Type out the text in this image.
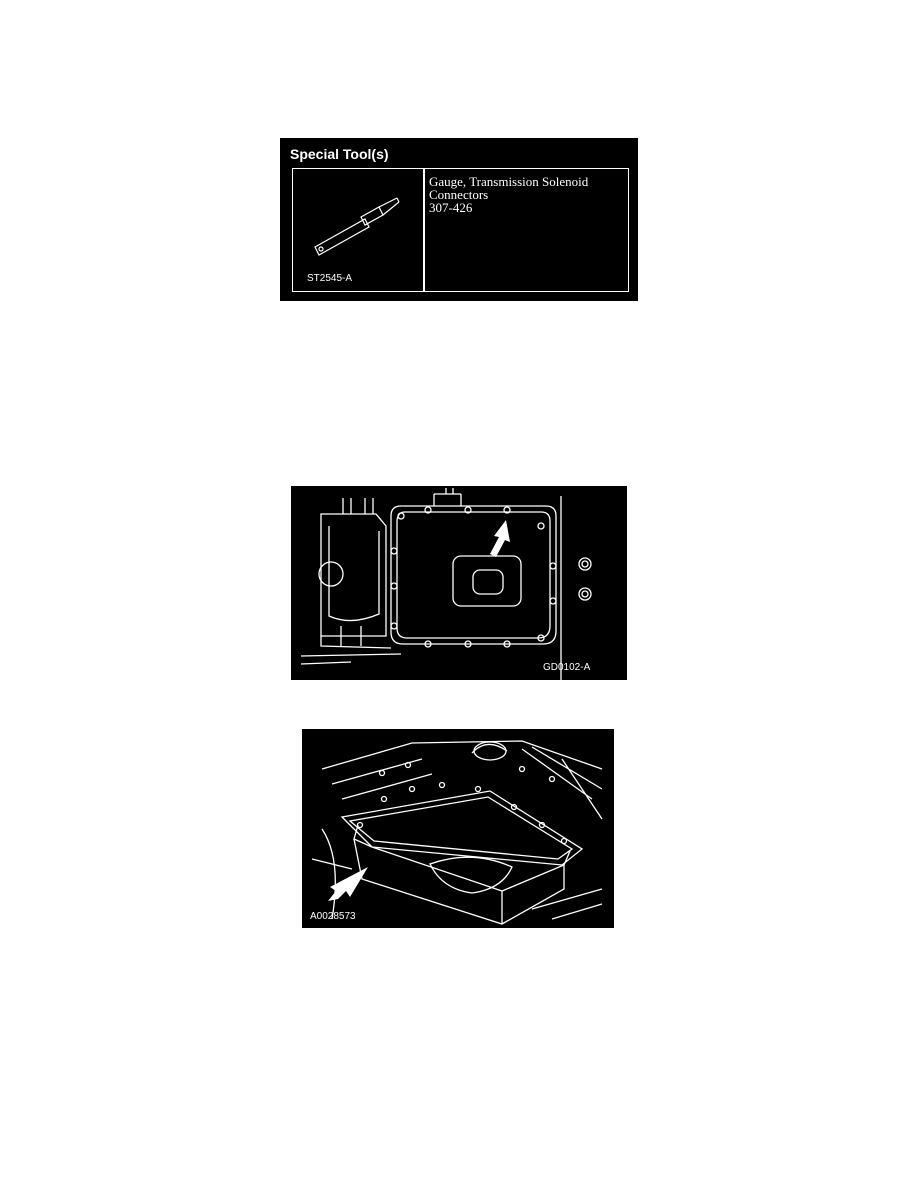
Special Tool(s)
ST2545-A
Gauge, Transmission Solenoid
Connectors
307-426
GD0102-A
A0028573
